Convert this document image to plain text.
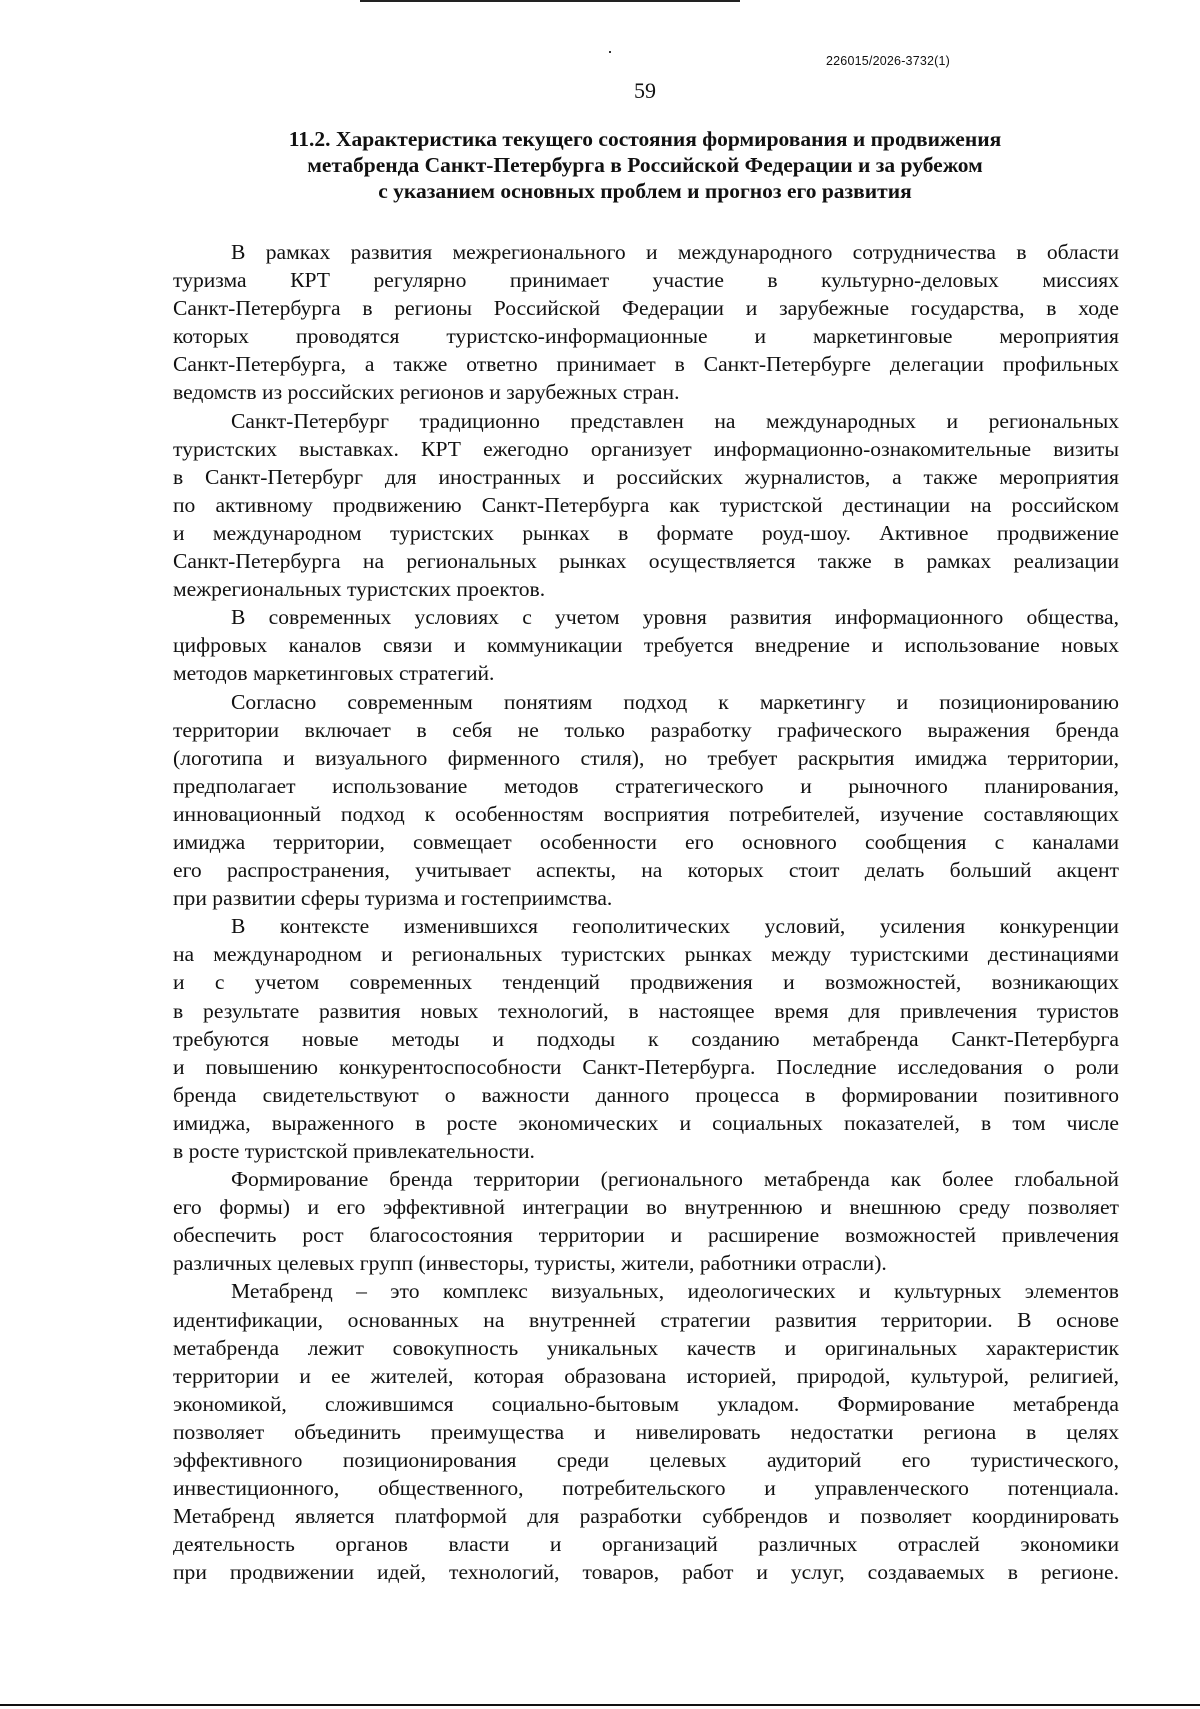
226015/2026-3732(1)
59
11.2. Характеристика текущего состояния формирования и продвижения
метабренда Санкт-Петербурга в Российской Федерации и за рубежом
с указанием основных проблем и прогноз его развития
В рамках развития межрегионального и международного сотрудничества в области
туризма КРТ регулярно принимает участие в культурно-деловых миссиях
Санкт-Петербурга в регионы Российской Федерации и зарубежные государства, в ходе
которых проводятся туристско-информационные и маркетинговые мероприятия
Санкт-Петербурга, а также ответно принимает в Санкт-Петербурге делегации профильных
ведомств из российских регионов и зарубежных стран.
Санкт-Петербург традиционно представлен на международных и региональных
туристских выставках. КРТ ежегодно организует информационно-ознакомительные визиты
в Санкт-Петербург для иностранных и российских журналистов, а также мероприятия
по активному продвижению Санкт-Петербурга как туристской дестинации на российском
и международном туристских рынках в формате роуд-шоу. Активное продвижение
Санкт-Петербурга на региональных рынках осуществляется также в рамках реализации
межрегиональных туристских проектов.
В современных условиях с учетом уровня развития информационного общества,
цифровых каналов связи и коммуникации требуется внедрение и использование новых
методов маркетинговых стратегий.
Согласно современным понятиям подход к маркетингу и позиционированию
территории включает в себя не только разработку графического выражения бренда
(логотипа и визуального фирменного стиля), но требует раскрытия имиджа территории,
предполагает использование методов стратегического и рыночного планирования,
инновационный подход к особенностям восприятия потребителей, изучение составляющих
имиджа территории, совмещает особенности его основного сообщения с каналами
его распространения, учитывает аспекты, на которых стоит делать больший акцент
при развитии сферы туризма и гостеприимства.
В контексте изменившихся геополитических условий, усиления конкуренции
на международном и региональных туристских рынках между туристскими дестинациями
и с учетом современных тенденций продвижения и возможностей, возникающих
в результате развития новых технологий, в настоящее время для привлечения туристов
требуются новые методы и подходы к созданию метабренда Санкт-Петербурга
и повышению конкурентоспособности Санкт-Петербурга. Последние исследования о роли
бренда свидетельствуют о важности данного процесса в формировании позитивного
имиджа, выраженного в росте экономических и социальных показателей, в том числе
в росте туристской привлекательности.
Формирование бренда территории (регионального метабренда как более глобальной
его формы) и его эффективной интеграции во внутреннюю и внешнюю среду позволяет
обеспечить рост благосостояния территории и расширение возможностей привлечения
различных целевых групп (инвесторы, туристы, жители, работники отрасли).
Метабренд – это комплекс визуальных, идеологических и культурных элементов
идентификации, основанных на внутренней стратегии развития территории. В основе
метабренда лежит совокупность уникальных качеств и оригинальных характеристик
территории и ее жителей, которая образована историей, природой, культурой, религией,
экономикой, сложившимся социально-бытовым укладом. Формирование метабренда
позволяет объединить преимущества и нивелировать недостатки региона в целях
эффективного позиционирования среди целевых аудиторий его туристического,
инвестиционного, общественного, потребительского и управленческого потенциала.
Метабренд является платформой для разработки суббрендов и позволяет координировать
деятельность органов власти и организаций различных отраслей экономики
при продвижении идей, технологий, товаров, работ и услуг, создаваемых в регионе.
